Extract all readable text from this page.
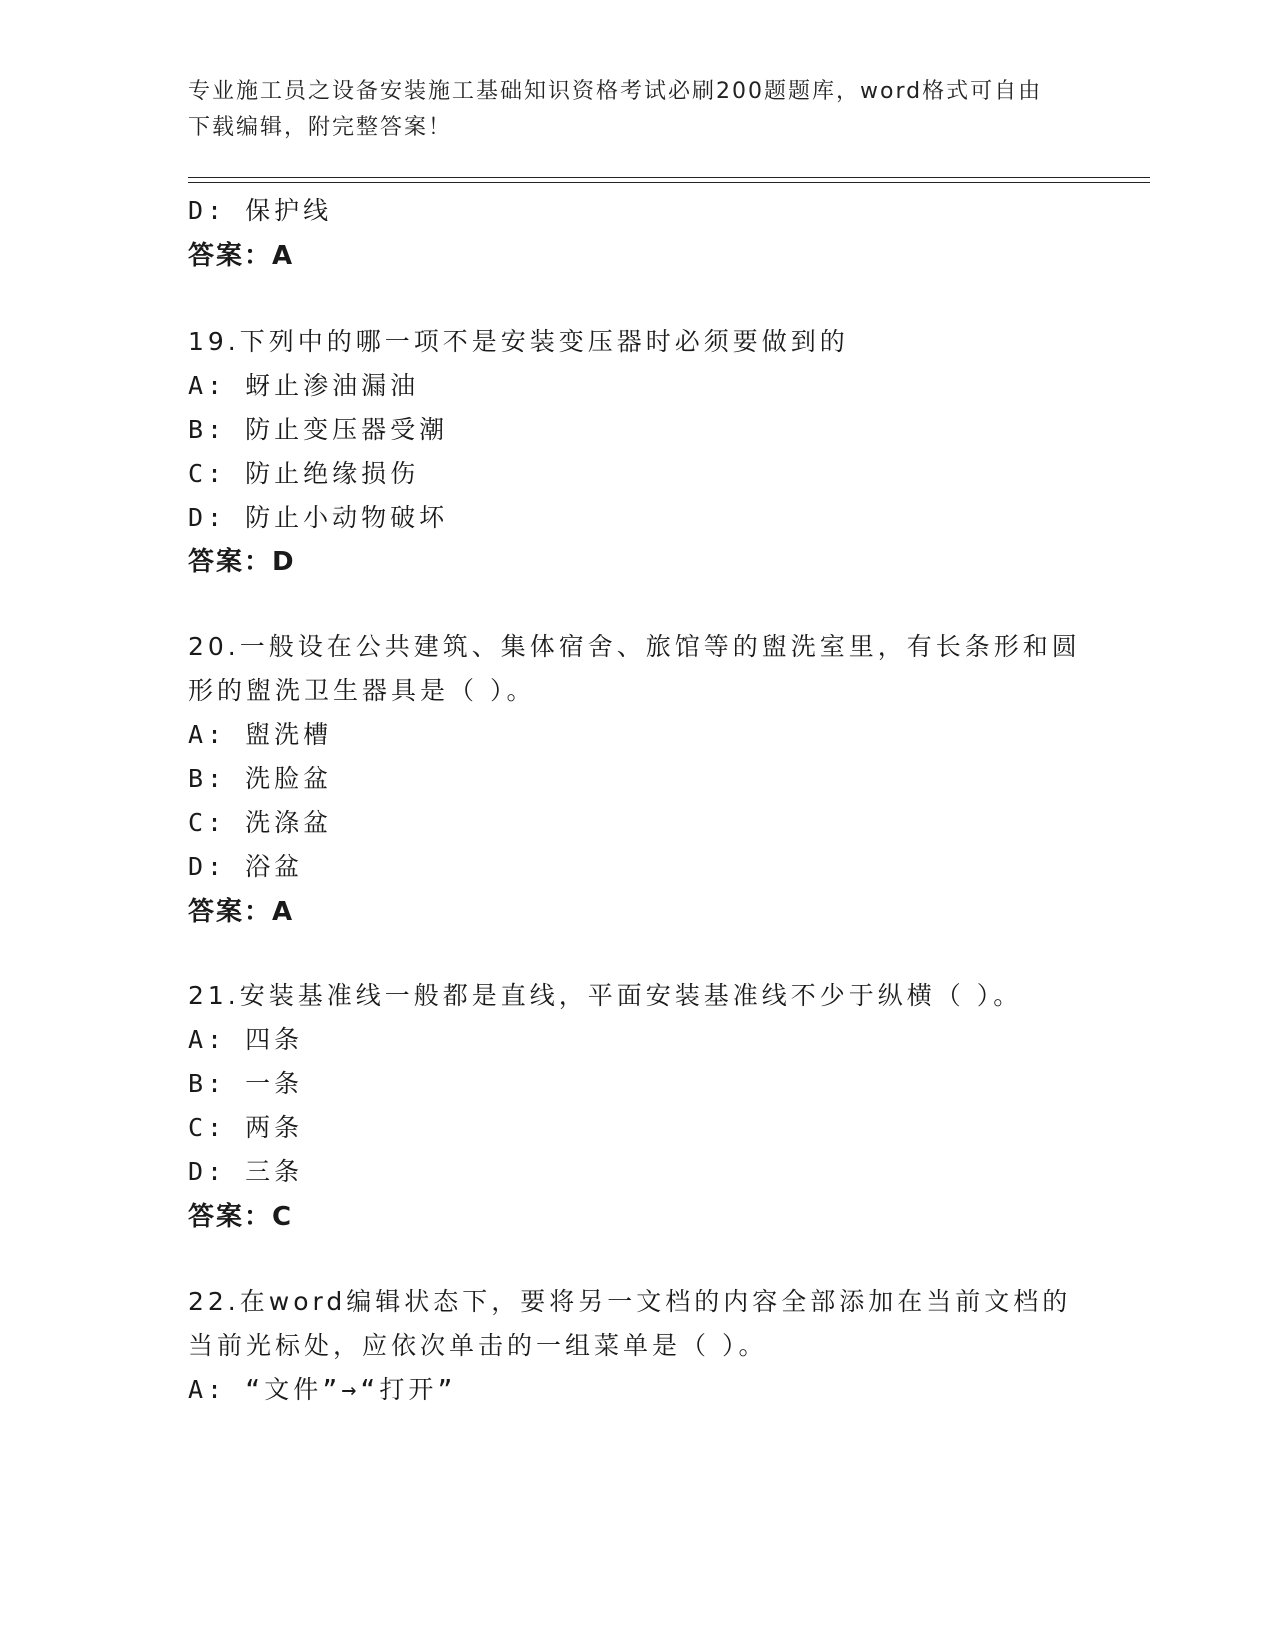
专业施工员之设备安装施工基础知识资格考试必刷200题题库，word格式可自由
下载编辑，附完整答案！
D: 保护线
答案：A
19.下列中的哪一项不是安装变压器时必须要做到的
A: 蚜止渗油漏油
B: 防止变压器受潮
C: 防止绝缘损伤
D: 防止小动物破坏
答案：D
20.一般设在公共建筑、集体宿舍、旅馆等的盥洗室里，有长条形和圆
形的盥洗卫生器具是（ ）。
A: 盥洗槽
B: 洗脸盆
C: 洗涤盆
D: 浴盆
答案：A
21.安装基准线一般都是直线，平面安装基准线不少于纵横（ ）。
A: 四条
B: 一条
C: 两条
D: 三条
答案：C
22.在word编辑状态下，要将另一文档的内容全部添加在当前文档的
当前光标处，应依次单击的一组菜单是（ ）。
A: “文件”→“打开”
